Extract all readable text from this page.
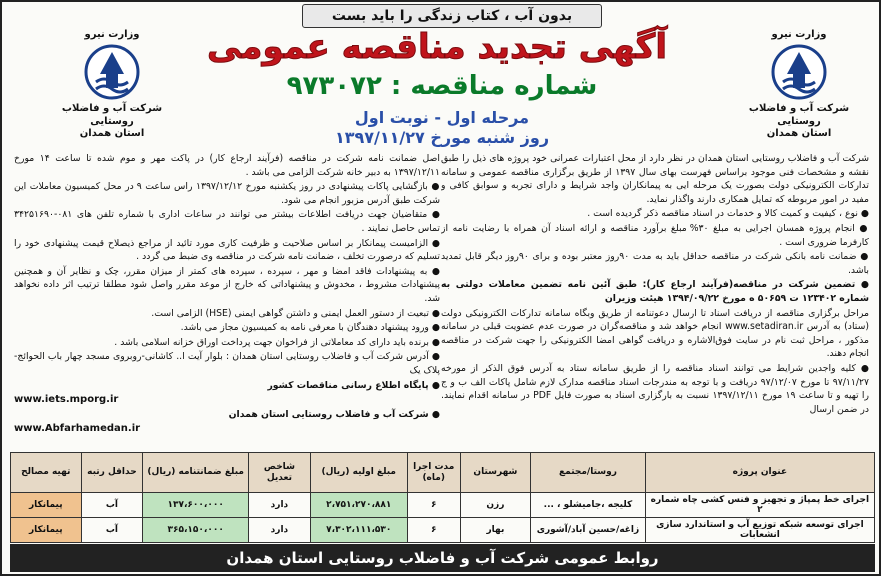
بدون آب ، کتاب زندگی را باید بست
وزارت نیرو
شرکت آب و فاضلاب روستایی
استان همدان
وزارت نیرو
شرکت آب و فاضلاب روستایی
استان همدان
آگهی تجدید مناقصه عمومی
شماره مناقصه : ۹۷۳۰۷۲
مرحله اول - نوبت اول
روز شنبه مورخ ۱۳۹۷/۱۱/۲۷

شرکت آب و فاضلاب روستایی استان همدان در نظر دارد از محل اعتبارات عمرانی خود پروژه های ذیل را طبق نقشه و مشخصات فنی موجود براساس فهرست بهای سال ۱۳۹۷ از طریق برگزاری مناقصه عمومی و سامانه تدارکات الکترونیکی دولت بصورت یک مرحله ایی به پیمانکاران واجد شرایط و دارای تجربه و سوابق کافی و مفید در امور مربوطه که تمایل همکاری دارند واگذار نماید.

● نوع ، کیفیت و کمیت کالا و خدمات در اسناد مناقصه ذکر گردیده است .

● انجام پروژه همسان اجرایی به مبلغ ۳۰% مبلغ برآورد مناقصه و ارائه اسناد آن همراه با رضایت نامه از کارفرما ضروری است .

● ضمانت نامه بانکی شرکت در مناقصه حداقل باید به مدت ۹۰روز معتبر بوده و برای ۹۰روز دیگر قابل تمدید باشد.

● تضمین شرکت در مناقصه(فرآیند ارجاع کار): طبق آئین نامه تضمین معاملات دولتی به شماره ۱۲۳۴۰۲ ت ۵۰۶۵۹ ه مورخ ۱۳۹۴/۰۹/۲۲ هیئت وزیران

مراحل برگزاری مناقصه از دریافت اسناد تا ارسال دعوتنامه از طریق وبگاه سامانه تدارکات الکترونیکی دولت (ستاد) به آدرس www.setadiran.ir انجام خواهد شد و مناقصه‌گران در صورت عدم عضویت قبلی در سامانه مذکور ، مراحل ثبت نام در سایت فوق‌الاشاره و دریافت گواهی امضا الکترونیکی را جهت شرکت در مناقصه انجام دهند.

● کلیه واجدین شرایط می توانند اسناد مناقصه را از طریق سامانه ستاد به آدرس فوق الذکر از مورخه ۹۷/۱۱/۲۷ تا مورخ ۹۷/۱۲/۰۷ دریافت و با توجه به مندرجات اسناد مناقصه مدارک لازم شامل پاکات الف ب و ج را تهیه و تا ساعت ۱۹ مورخ ۱۳۹۷/۱۲/۱۱ نسبت به بارگزاری اسناد به صورت فایل PDF در سامانه اقدام نمایند. در ضمن ارسال

اصل ضمانت نامه شرکت در مناقصه (فرآیند ارجاع کار) در پاکت مهر و موم شده تا ساعت ۱۴ مورخ ۱۳۹۷/۱۲/۱۱ به دبیر خانه شرکت الزامی می باشد .

● بازگشایی پاکات پیشنهادی در روز یکشنبه مورخ ۱۳۹۷/۱۲/۱۲ راس ساعت ۹ در محل کمیسیون معاملات این شرکت طبق آدرس مزبور انجام می شود.

● متقاضیان جهت دریافت اطلاعات بیشتر می توانند در ساعات اداری با شماره تلفن های ۰۸۱-۳۴۲۵۱۶۹۰ تماس حاصل نمایند .

● الزامیست پیمانکار بر اساس صلاحیت و ظرفیت کاری مورد تائید از مراجع ذیصلاح قیمت پیشنهادی خود را تسلیم که درصورت تخلف ، ضمانت نامه شرکت در مناقصه وی ضبط می گردد .

● به پیشنهادات فاقد امضا و مهر ، سپرده ، سپرده های کمتر از میزان مقرر، چک و نظایر آن و همچنین پیشنهادات مشروط ، مخدوش و پیشنهاداتی که خارج از موعد مقرر واصل شود مطلقا ترتیب اثر داده نخواهد شد.

● تبعیت از دستور العمل ایمنی و داشتن گواهی ایمنی (HSE) الزامی است.

● ورود پیشنهاد دهندگان با معرفی نامه به کمیسیون مجاز می باشد.

● برنده باید دارای کد معاملاتی از فراخوان جهت پرداخت اوراق خزانه اسلامی باشد .

● آدرس شرکت آب و فاضلاب روستایی استان همدان : بلوار آیت ا.. کاشانی-روبروی مسجد چهار باب الحوائج-پلاک یک

● پایگاه اطلاع رسانی مناقصات کشور

www.iets.mporg.ir

● شرکت آب و فاضلاب روستایی استان همدان

www.Abfarhamedan.ir

عنوان پروژه	روستا/مجتمع	شهرستان	مدت اجرا (ماه)	مبلغ اولیه (ریال)	شاخص تعدیل	مبلغ ضمانتنامه (ریال)	حداقل رتبه	تهیه مصالح
اجرای خط پمپاژ و تجهیز و فنس کشی چاه شماره ۲	کلیجه ،جامیشلو ، ...	رزن	۶	۲،۷۵۱،۲۷۰،۸۸۱	دارد	۱۳۷،۶۰۰،۰۰۰	آب	پیمانکار
اجرای توسعه شبکه توزیع آب و استاندارد سازی انشعابات	زاغه/حسین آباد/آشوری	بهار	۶	۷،۳۰۲،۱۱۱،۵۳۰	دارد	۳۶۵،۱۵۰،۰۰۰	آب	پیمانکار
روابط عمومی شرکت آب و فاضلاب روستایی استان همدان
